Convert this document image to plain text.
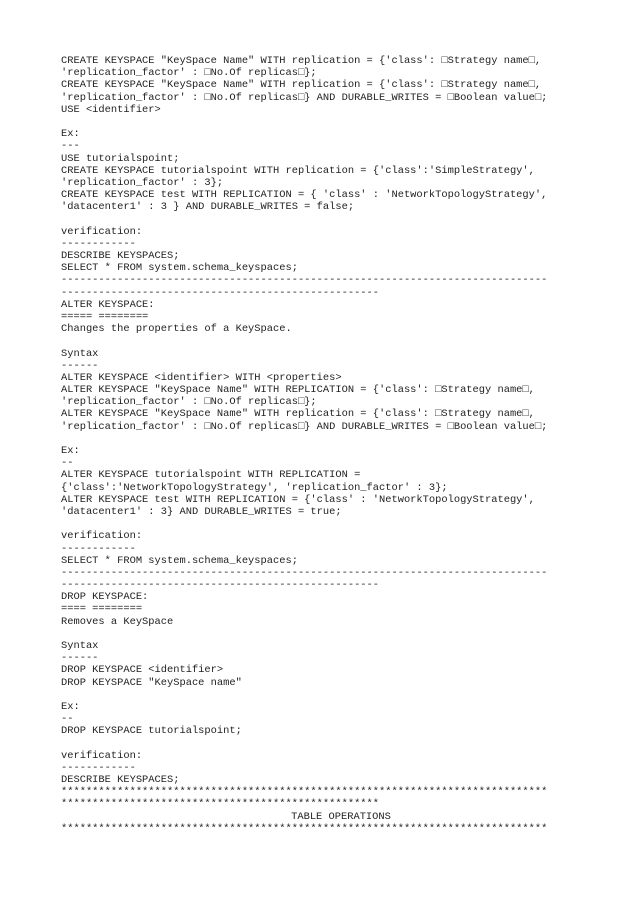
CREATE KEYSPACE "KeySpace Name" WITH replication = {'class': □Strategy name□,
'replication_factor' : □No.Of replicas□};
CREATE KEYSPACE "KeySpace Name" WITH replication = {'class': □Strategy name□,
'replication_factor' : □No.Of replicas□} AND DURABLE_WRITES = □Boolean value□;
USE <identifier>
Ex:
---
USE tutorialspoint;
CREATE KEYSPACE tutorialspoint WITH replication = {'class':'SimpleStrategy',
'replication_factor' : 3};
CREATE KEYSPACE test WITH REPLICATION = { 'class' : 'NetworkTopologyStrategy',
'datacenter1' : 3 } AND DURABLE_WRITES = false;
verification:
------------
DESCRIBE KEYSPACES;
SELECT * FROM system.schema_keyspaces;
------------------------------------------------------------------------------
---------------------------------------------------
ALTER KEYSPACE:
===== ========
Changes the properties of a KeySpace.
Syntax
------
ALTER KEYSPACE <identifier> WITH <properties>
ALTER KEYSPACE "KeySpace Name" WITH REPLICATION = {'class': □Strategy name□,
'replication_factor' : □No.Of replicas□};
ALTER KEYSPACE "KeySpace Name" WITH replication = {'class': □Strategy name□,
'replication_factor' : □No.Of replicas□} AND DURABLE_WRITES = □Boolean value□;
Ex:
--
ALTER KEYSPACE tutorialspoint WITH REPLICATION =
{'class':'NetworkTopologyStrategy', 'replication_factor' : 3};
ALTER KEYSPACE test WITH REPLICATION = {'class' : 'NetworkTopologyStrategy',
'datacenter1' : 3} AND DURABLE_WRITES = true;
verification:
------------
SELECT * FROM system.schema_keyspaces;
------------------------------------------------------------------------------
---------------------------------------------------
DROP KEYSPACE:
==== ========
Removes a KeySpace
Syntax
------
DROP KEYSPACE <identifier>
DROP KEYSPACE "KeySpace name"
Ex:
--
DROP KEYSPACE tutorialspoint;
verification:
------------
DESCRIBE KEYSPACES;
******************************************************************************
***************************************************
TABLE OPERATIONS
******************************************************************************
